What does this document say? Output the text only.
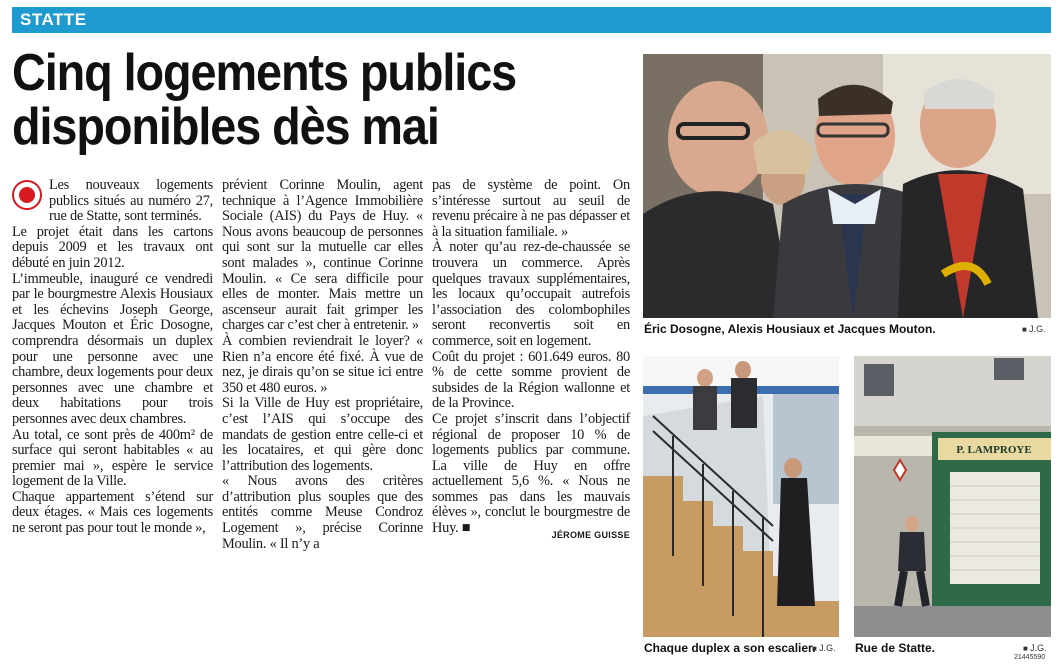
STATTE
Cinq logements publics
disponibles dès mai

Les nouveaux logements publics situés au numéro 27, rue de Statte, sont terminés.

Le projet était dans les cartons depuis 2009 et les travaux ont débuté en juin 2012.

L’immeuble, inauguré ce vendredi par le bourgmestre Alexis Housiaux et les échevins Joseph George, Jacques Mouton et Éric Dosogne, comprendra désormais un duplex pour une personne avec une chambre, deux logements pour deux personnes avec une chambre et deux habitations pour trois personnes avec deux chambres.

Au total, ce sont près de 400m² de surface qui seront habitables « au premier mai », espère le service logement de la Ville.

Chaque appartement s’étend sur deux étages. « Mais ces logements ne seront pas pour tout le monde »,

prévient Corinne Moulin, agent technique à l’Agence Immobilière Sociale (AIS) du Pays de Huy. « Nous avons beaucoup de personnes qui sont sur la mutuelle car elles sont malades », continue Corinne Moulin. « Ce sera difficile pour elles de monter. Mais mettre un ascenseur aurait fait grimper les charges car c’est cher à entretenir. »

À combien reviendrait le loyer? « Rien n’a encore été fixé. À vue de nez, je dirais qu’on se situe ici entre 350 et 480 euros. »

Si la Ville de Huy est propriétaire, c’est l’AIS qui s’occupe des mandats de gestion entre celle-ci et les locataires, et qui gère donc l’attribution des logements.

« Nous avons des critères d’attribution plus souples que des entités comme Meuse Condroz Logement », précise Corinne Moulin. « Il n’y a

pas de système de point. On s’intéresse surtout au seuil de revenu précaire à ne pas dépasser et à la situation familiale. »

À noter qu’au rez-de-chaussée se trouvera un commerce. Après quelques travaux supplémentaires, les locaux qu’occupait autrefois l’association des colombophiles seront reconvertis soit en commerce, soit en logement.

Coût du projet : 601.649 euros. 80 % de cette somme provient de subsides de la Région wallonne et de la Province.

Ce projet s’inscrit dans l’objectif régional de proposer 10 % de logements publics par commune. La ville de Huy en offre actuellement 5,6 %. « Nous ne sommes pas dans les mauvais élèves », conclut le bourgmestre de Huy. ■	JÉROME GUISSE
Éric Dosogne, Alexis Housiaux et Jacques Mouton.	■ J.G.
Chaque duplex a son escalier. ■ J.G.
P. LAMPROYE
Rue de Statte.	■ J.G.
21445590
